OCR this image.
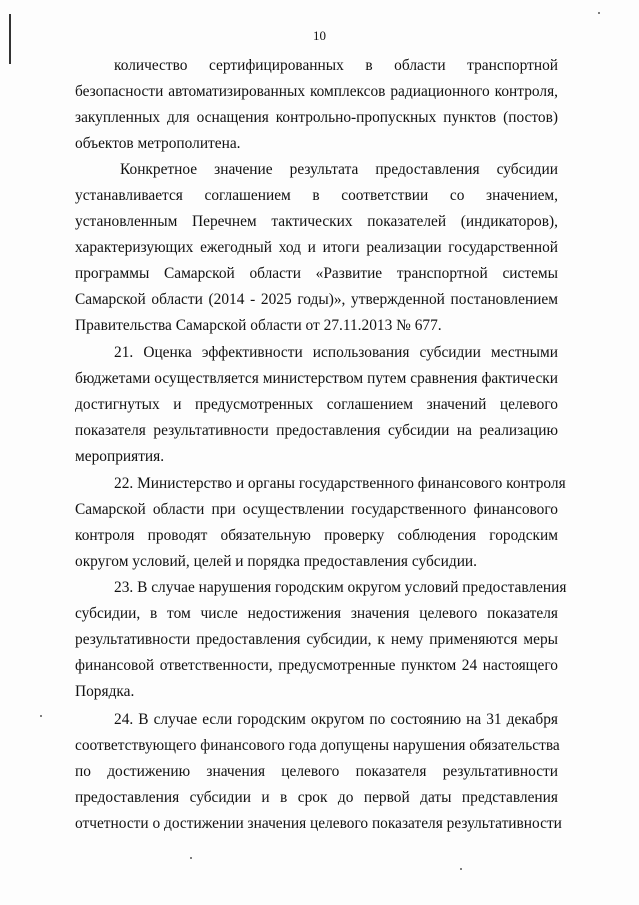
10
количество сертифицированных в области транспортной
безопасности автоматизированных комплексов радиационного контроля,
закупленных для оснащения контрольно-пропускных пунктов (постов)
объектов метрополитена.
Конкретное значение результата предоставления субсидии
устанавливается соглашением в соответствии со значением,
установленным Перечнем тактических показателей (индикаторов),
характеризующих ежегодный ход и итоги реализации государственной
программы Самарской области «Развитие транспортной системы
Самарской области (2014 - 2025 годы)», утвержденной постановлением
Правительства Самарской области от 27.11.2013 № 677.
21. Оценка эффективности использования субсидии местными
бюджетами осуществляется министерством путем сравнения фактически
достигнутых и предусмотренных соглашением значений целевого
показателя результативности предоставления субсидии на реализацию
мероприятия.
22. Министерство и органы государственного финансового контроля
Самарской области при осуществлении государственного финансового
контроля проводят обязательную проверку соблюдения городским
округом условий, целей и порядка предоставления субсидии.
23. В случае нарушения городским округом условий предоставления
субсидии, в том числе недостижения значения целевого показателя
результативности предоставления субсидии, к нему применяются меры
финансовой ответственности, предусмотренные пунктом 24 настоящего
Порядка.
24. В случае если городским округом по состоянию на 31 декабря
соответствующего финансового года допущены нарушения обязательства
по достижению значения целевого показателя результативности
предоставления субсидии и в срок до первой даты представления
отчетности о достижении значения целевого показателя результативности
